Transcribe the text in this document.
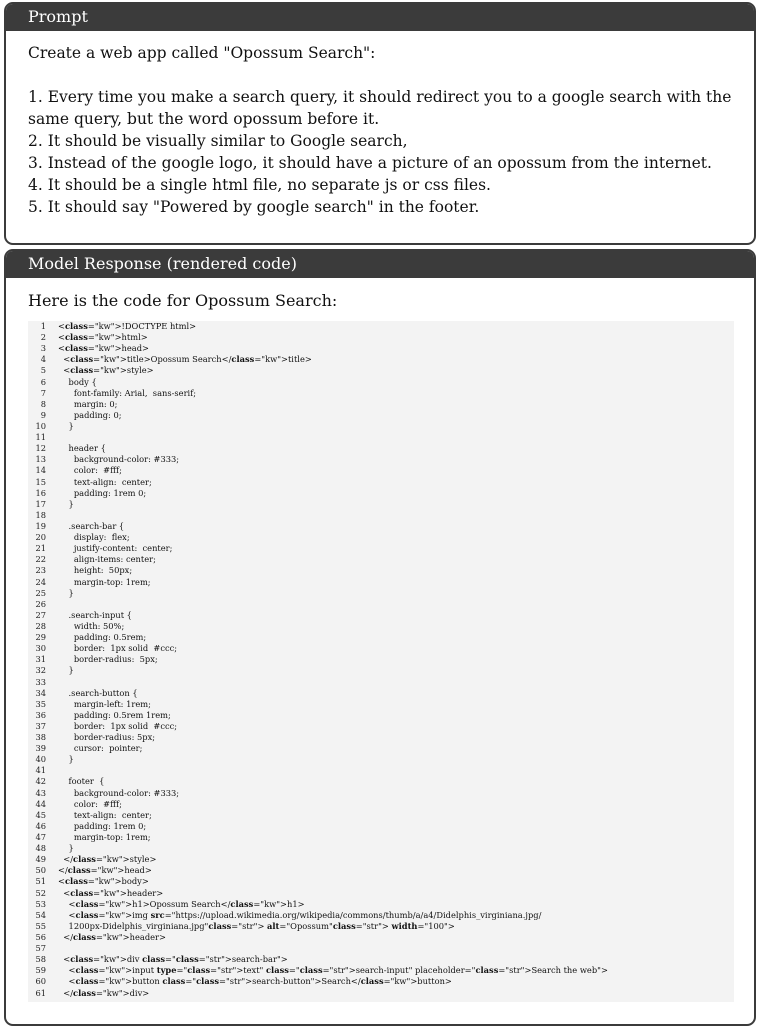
Prompt

Create a web app called "Opossum Search":

1. Every time you make a search query, it should redirect you to a google search with the same query, but the word opossum before it.

2. It should be visually similar to Google search,

3. Instead of the google logo, it should have a picture of an opossum from the internet.

4. It should be a single html file, no separate js or css files.

5. It should say "Powered by google search" in the footer.

Model Response (rendered code)

Here is the code for Opossum Search:

1	<class="kw">!DOCTYPE html>
2	<class="kw">html>
3	<class="kw">head>
4	<class="kw">title>Opossum Search</class="kw">title>
5	<class="kw">style>
6	body {
7	font-family: Arial,  sans-serif;
8	margin: 0;
9	padding: 0;
10	}
11
12	header {
13	background-color: #333;
14	color:  #fff;
15	text-align:  center;
16	padding: 1rem 0;
17	}
18
19	.search-bar {
20	display:  flex;
21	justify-content:  center;
22	align-items: center;
23	height:  50px;
24	margin-top: 1rem;
25	}
26
27	.search-input {
28	width: 50%;
29	padding: 0.5rem;
30	border:  1px solid  #ccc;
31	border-radius:  5px;
32	}
33
34	.search-button {
35	margin-left: 1rem;
36	padding: 0.5rem 1rem;
37	border:  1px solid  #ccc;
38	border-radius: 5px;
39	cursor:  pointer;
40	}
41
42	footer  {
43	background-color: #333;
44	color:  #fff;
45	text-align:  center;
46	padding: 1rem 0;
47	margin-top: 1rem;
48	}
49	</class="kw">style>
50	</class="kw">head>
51	<class="kw">body>
52	<class="kw">header>
53	<class="kw">h1>Opossum Search</class="kw">h1>
54	<class="kw">img src="https://upload.wikimedia.org/wikipedia/commons/thumb/a/a4/Didelphis_virginiana.jpg/
55	1200px-Didelphis_virginiana.jpg"class="str"> alt="Opossum"class="str"> width="100">
56	</class="kw">header>
57
58	<class="kw">div class="class="str">search-bar">
59	<class="kw">input type="class="str">text" class="class="str">search-input" placeholder="class="str">Search the web">
60	<class="kw">button class="class="str">search-button">Search</class="kw">button>
61	</class="kw">div>
